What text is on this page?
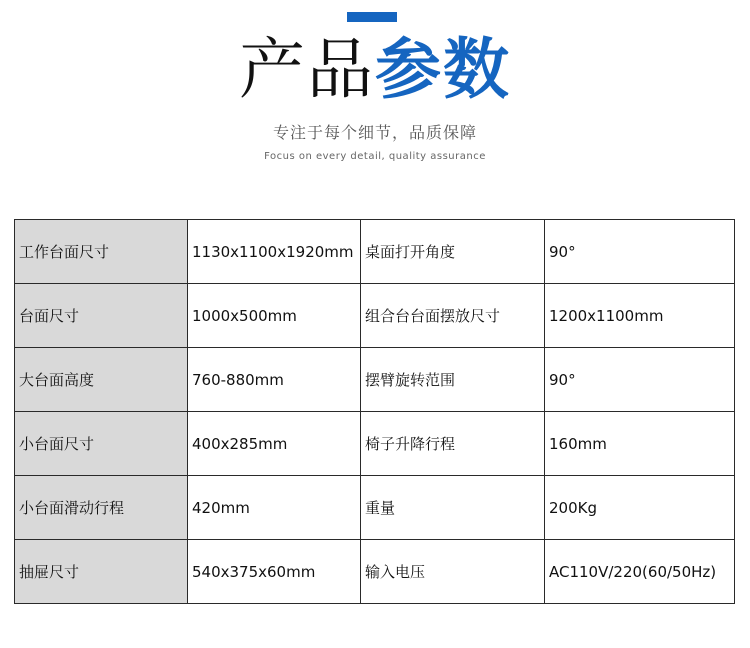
产品参数
专注于每个细节，品质保障
Focus on every detail, quality assurance
工作台面尺寸	1130x1100x1920mm	桌面打开角度	90°
台面尺寸	1000x500mm	组合台台面摆放尺寸	1200x1100mm
大台面高度	760-880mm	摆臂旋转范围	90°
小台面尺寸	400x285mm	椅子升降行程	160mm
小台面滑动行程	420mm	重量	200Kg
抽屉尺寸	540x375x60mm	输入电压	AC110V/220(60/50Hz)
